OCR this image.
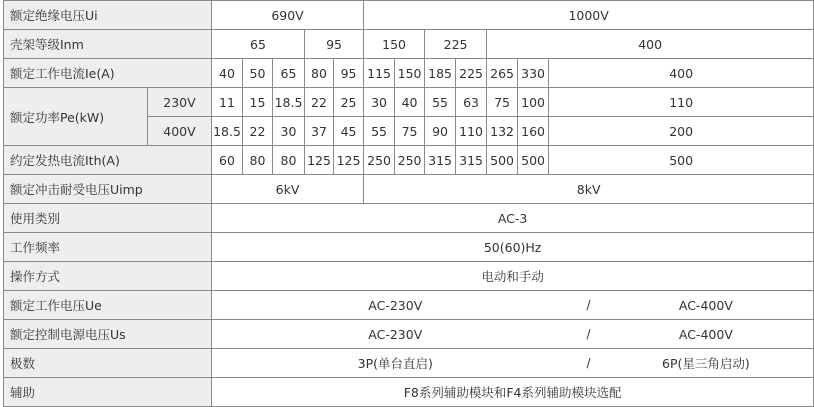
额定绝缘电压Ui		690V					1000V								
壳架等级Inm		65			95		150		225		400				
额定工作电流Ie(A)		40	50	65	80	95	115	150	185	225	265	330	400		
额定功率Pe(kW)	230V	11	15	18.5	22	25	30	40	55	63	75	100	110		
	400V	18.5	22	30	37	45	55	75	90	110	132	160	200		
约定发热电流Ith(A)		60	80	80	125	125	250	250	315	315	500	500	500		
额定冲击耐受电压Uimp		6kV					8kV								
使用类别		AC-3													
工作频率		50(60)Hz													
操作方式		电动和手动													
额定工作电压Ue		AC-230V												/	AC-400V
额定控制电源电压Us		AC-230V												/	AC-400V
极数		3P(单台直启)												/	6P(星三角启动)
辅助		F8系列辅助模块和F4系列辅助模块选配													
